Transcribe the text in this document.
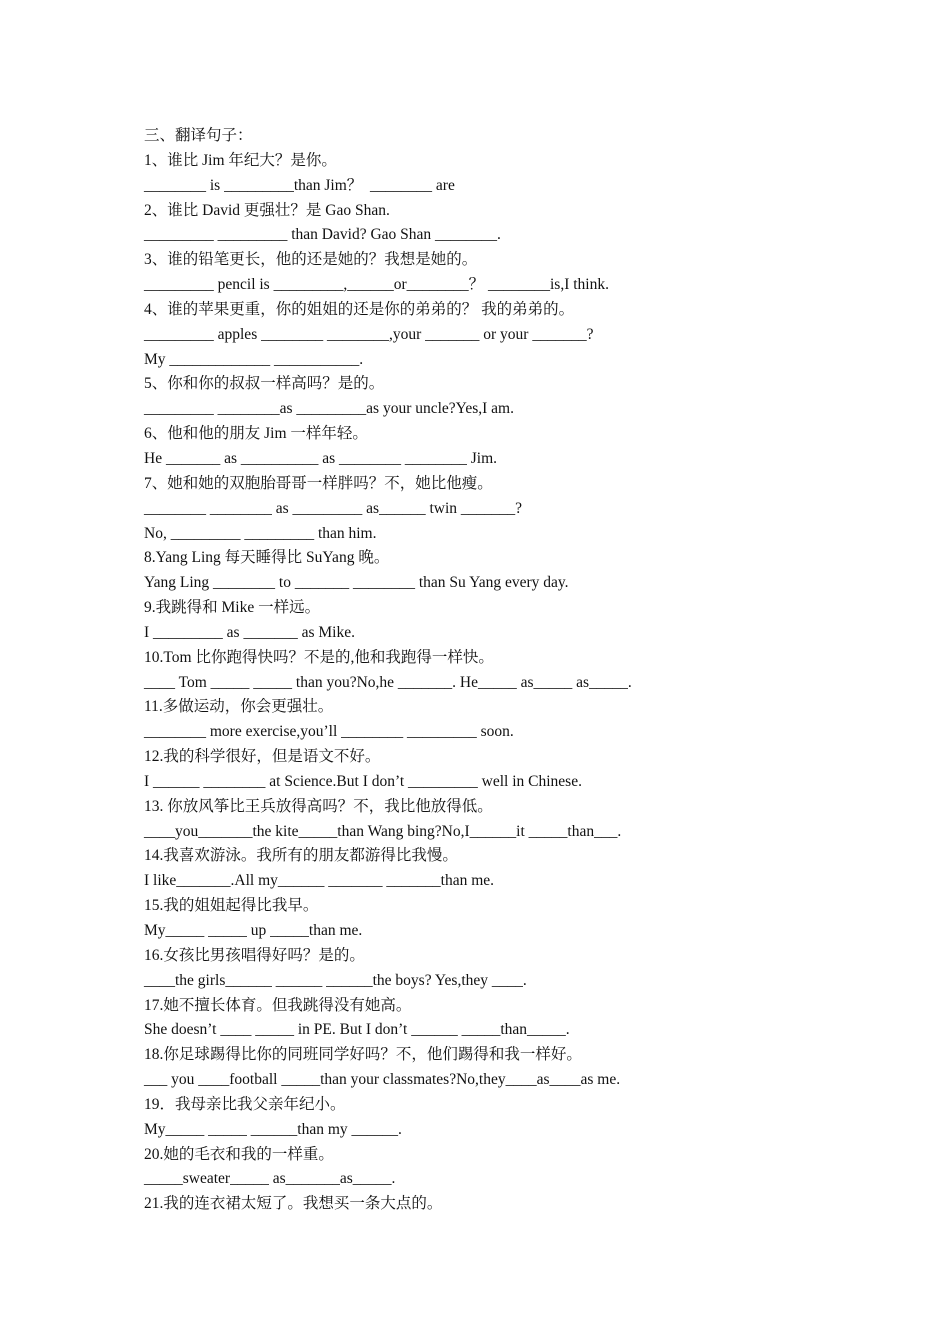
三、翻译句子：
1、谁比 Jim 年纪大？是你。
________ is _________than Jim？  ________ are
2、谁比 David 更强壮？是 Gao Shan.
_________ _________ than David? Gao Shan ________.
3、谁的铅笔更长，他的还是她的？我想是她的。
_________ pencil is _________,______or________？ ________is,I think.
4、谁的苹果更重，你的姐姐的还是你的弟弟的？ 我的弟弟的。
_________ apples ________ ________,your _______ or your _______?
My _____________ ___________.
5、你和你的叔叔一样高吗？是的。
_________ ________as _________as your uncle?Yes,I am.
6、他和他的朋友 Jim 一样年轻。
He _______ as __________ as ________ ________ Jim.
7、她和她的双胞胎哥哥一样胖吗？不，她比他瘦。
________ ________ as _________ as______ twin _______?
No, _________ _________ than him.
8.Yang Ling 每天睡得比 SuYang 晚。
Yang Ling ________ to _______ ________ than Su Yang every day.
9.我跳得和 Mike 一样远。
I _________ as _______ as Mike.
10.Tom 比你跑得快吗？不是的,他和我跑得一样快。
____ Tom _____ _____ than you?No,he _______. He_____ as_____ as_____.
11.多做运动，你会更强壮。
________ more exercise,you’ll ________ _________ soon.
12.我的科学很好，但是语文不好。
I ______ ________ at Science.But I don’t _________ well in Chinese.
13. 你放风筝比王兵放得高吗？不，我比他放得低。
____you_______the kite_____than Wang bing?No,I______it _____than___.
14.我喜欢游泳。我所有的朋友都游得比我慢。
I like_______.All my______ _______ _______than me.
15.我的姐姐起得比我早。
My_____ _____ up _____than me.
16.女孩比男孩唱得好吗？是的。
____the girls______ ______ ______the boys? Yes,they ____.
17.她不擅长体育。但我跳得没有她高。
She doesn’t ____ _____ in PE. But I don’t ______ _____than_____.
18.你足球踢得比你的同班同学好吗？不，他们踢得和我一样好。
___ you ____football _____than your classmates?No,they____as____as me.
19．我母亲比我父亲年纪小。
My_____ _____ ______than my ______.
20.她的毛衣和我的一样重。
_____sweater_____ as_______as_____.
21.我的连衣裙太短了。我想买一条大点的。
